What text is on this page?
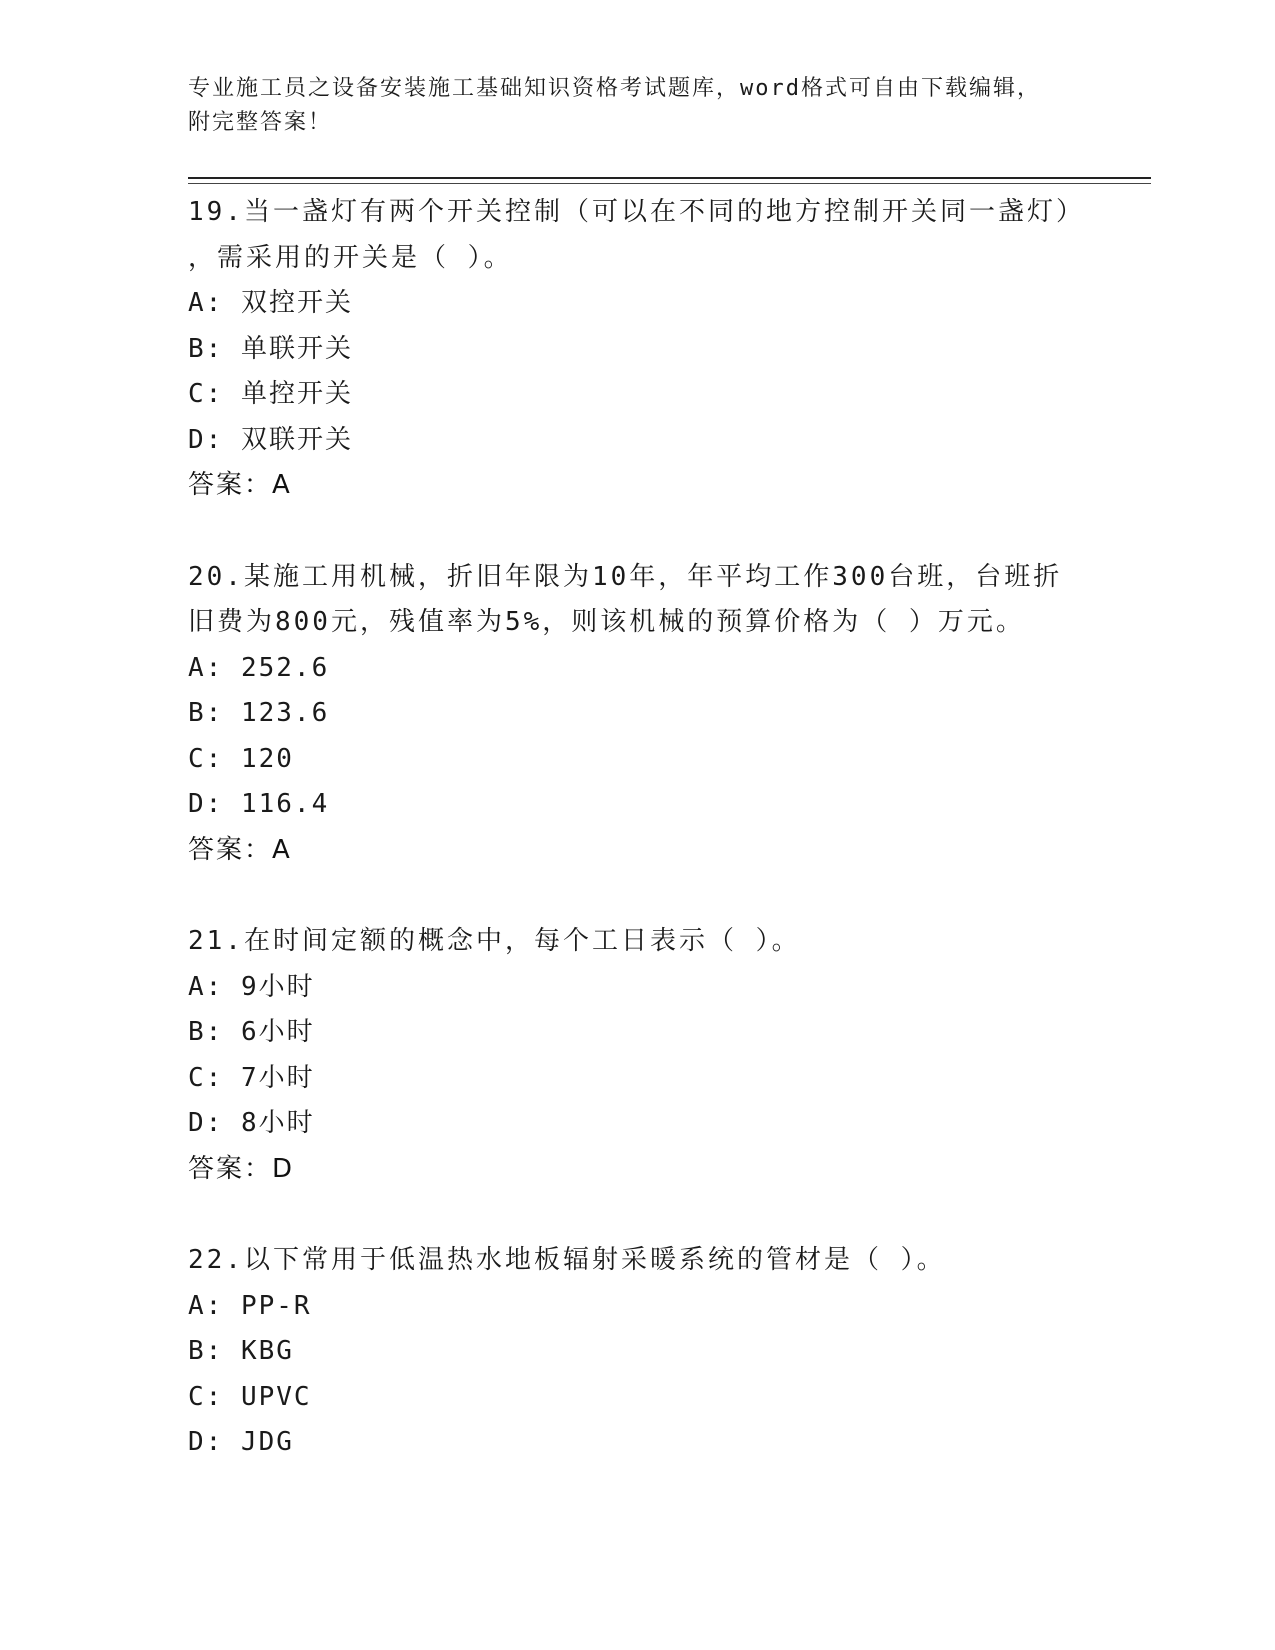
专业施工员之设备安装施工基础知识资格考试题库，word格式可自由下载编辑，
附完整答案！
19.当一盏灯有两个开关控制（可以在不同的地方控制开关同一盏灯）
，需采用的开关是（ ）。
A: 双控开关
B: 单联开关
C: 单控开关
D: 双联开关
答案：A
20.某施工用机械，折旧年限为10年，年平均工作300台班，台班折
旧费为800元，残值率为5%，则该机械的预算价格为（ ）万元。
A: 252.6
B: 123.6
C: 120
D: 116.4
答案：A
21.在时间定额的概念中，每个工日表示（ ）。
A: 9小时
B: 6小时
C: 7小时
D: 8小时
答案：D
22.以下常用于低温热水地板辐射采暖系统的管材是（ ）。
A: PP-R
B: KBG
C: UPVC
D: JDG
